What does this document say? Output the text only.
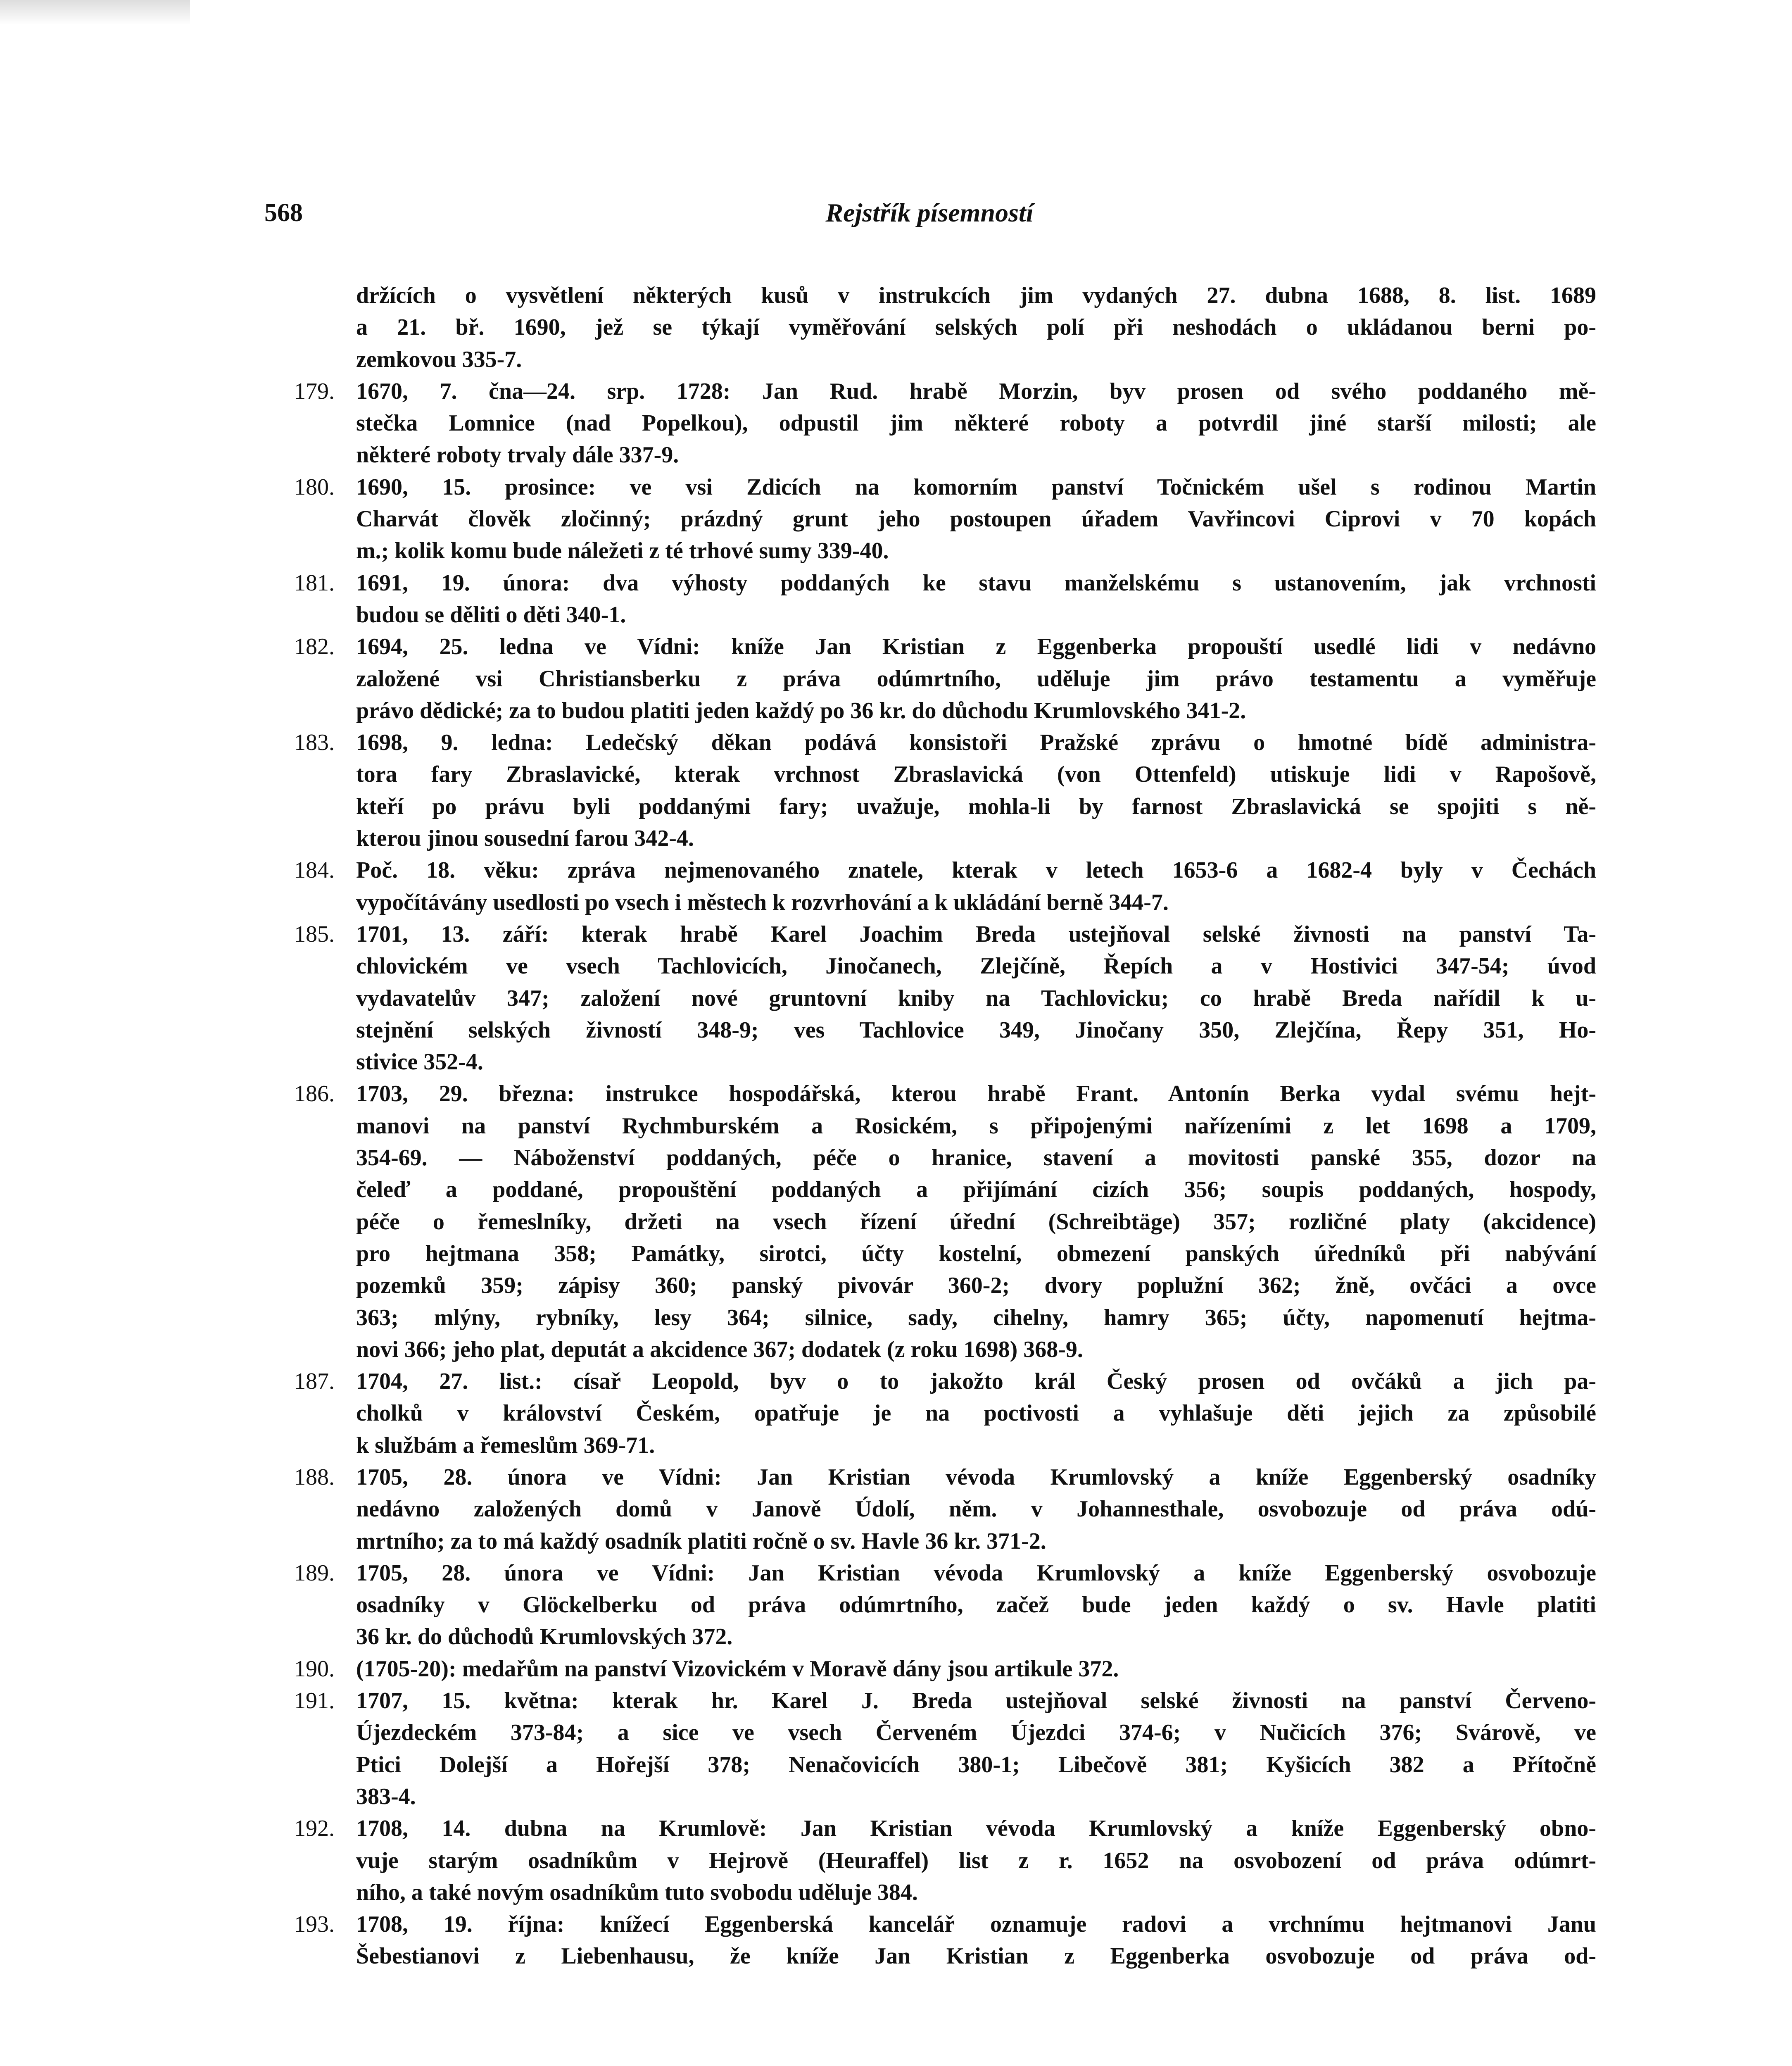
568	Rejstřík písemností
držících o vysvětlení některých kusů v instrukcích jim vydaných 27. dubna 1688, 8. list. 1689
a 21. bř. 1690, jež se týkají vyměřování selských polí při neshodách o ukládanou berni po-
zemkovou 335-7.
179. 1670, 7. čna—24. srp. 1728: Jan Rud. hrabě Morzin, byv prosen od svého poddaného mě-
stečka Lomnice (nad Popelkou), odpustil jim některé roboty a potvrdil jiné starší milosti; ale
některé roboty trvaly dále 337-9.
180. 1690, 15. prosince: ve vsi Zdicích na komorním panství Točnickém ušel s rodinou Martin
Charvát člověk zločinný; prázdný grunt jeho postoupen úřadem Vavřincovi Ciprovi v 70 kopách
m.; kolik komu bude náležeti z té trhové sumy 339-40.
181. 1691, 19. února: dva výhosty poddaných ke stavu manželskému s ustanovením, jak vrchnosti
budou se děliti o děti 340-1.
182. 1694, 25. ledna ve Vídni: kníže Jan Kristian z Eggenberka propouští usedlé lidi v nedávno
založené vsi Christiansberku z práva odúmrtního, uděluje jim právo testamentu a vyměřuje
právo dědické; za to budou platiti jeden každý po 36 kr. do důchodu Krumlovského 341-2.
183. 1698, 9. ledna: Ledečský děkan podává konsistoři Pražské zprávu o hmotné bídě administra-
tora fary Zbraslavické, kterak vrchnost Zbraslavická (von Ottenfeld) utiskuje lidi v Rapošově,
kteří po právu byli poddanými fary; uvažuje, mohla-li by farnost Zbraslavická se spojiti s ně-
kterou jinou sousední farou 342-4.
184. Poč. 18. věku: zpráva nejmenovaného znatele, kterak v letech 1653-6 a 1682-4 byly v Čechách
vypočítávány usedlosti po vsech i městech k rozvrhování a k ukládání berně 344-7.
185. 1701, 13. září: kterak hrabě Karel Joachim Breda ustejňoval selské živnosti na panství Ta-
chlovickém ve vsech Tachlovicích, Jinočanech, Zlejčíně, Řepích a v Hostivici 347-54; úvod
vydavatelův 347; založení nové gruntovní kniby na Tachlovicku; co hrabě Breda nařídil k u-
stejnění selských živností 348-9; ves Tachlovice 349, Jinočany 350, Zlejčína, Řepy 351, Ho-
stivice 352-4.
186. 1703, 29. března: instrukce hospodářská, kterou hrabě Frant. Antonín Berka vydal svému hejt-
manovi na panství Rychmburském a Rosickém, s připojenými nařízeními z let 1698 a 1709,
354-69. — Náboženství poddaných, péče o hranice, stavení a movitosti panské 355, dozor na
čeleď a poddané, propouštění poddaných a přijímání cizích 356; soupis poddaných, hospody,
péče o řemeslníky, držeti na vsech řízení úřední (Schreibtäge) 357; rozličné platy (akcidence)
pro hejtmana 358; Památky, sirotci, účty kostelní, obmezení panských úředníků při nabývání
pozemků 359; zápisy 360; panský pivovár 360-2; dvory poplužní 362; žně, ovčáci a ovce
363; mlýny, rybníky, lesy 364; silnice, sady, cihelny, hamry 365; účty, napomenutí hejtma-
novi 366; jeho plat, deputát a akcidence 367; dodatek (z roku 1698) 368-9.
187. 1704, 27. list.: císař Leopold, byv o to jakožto král Český prosen od ovčáků a jich pa-
cholků v království Českém, opatřuje je na poctivosti a vyhlašuje děti jejich za způsobilé
k službám a řemeslům 369-71.
188. 1705, 28. února ve Vídni: Jan Kristian vévoda Krumlovský a kníže Eggenberský osadníky
nedávno založených domů v Janově Údolí, něm. v Johannesthale, osvobozuje od práva odú-
mrtního; za to má každý osadník platiti ročně o sv. Havle 36 kr. 371-2.
189. 1705, 28. února ve Vídni: Jan Kristian vévoda Krumlovský a kníže Eggenberský osvobozuje
osadníky v Glöckelberku od práva odúmrtního, začež bude jeden každý o sv. Havle platiti
36 kr. do důchodů Krumlovských 372.
190. (1705-20): medařům na panství Vizovickém v Moravě dány jsou artikule 372.
191. 1707, 15. května: kterak hr. Karel J. Breda ustejňoval selské živnosti na panství Červeno-
Újezdeckém 373-84; a sice ve vsech Červeném Újezdci 374-6; v Nučicích 376; Svárově, ve
Ptici Dolejší a Hořejší 378; Nenačovicích 380-1; Libečově 381; Kyšicích 382 a Přítočně
383-4.
192. 1708, 14. dubna na Krumlově: Jan Kristian vévoda Krumlovský a kníže Eggenberský obno-
vuje starým osadníkům v Hejrově (Heuraffel) list z r. 1652 na osvobození od práva odúmrt-
ního, a také novým osadníkům tuto svobodu uděluje 384.
193. 1708, 19. října: knížecí Eggenberská kancelář oznamuje radovi a vrchnímu hejtmanovi Janu
Šebestianovi z Liebenhausu, že kníže Jan Kristian z Eggenberka osvobozuje od práva od-
